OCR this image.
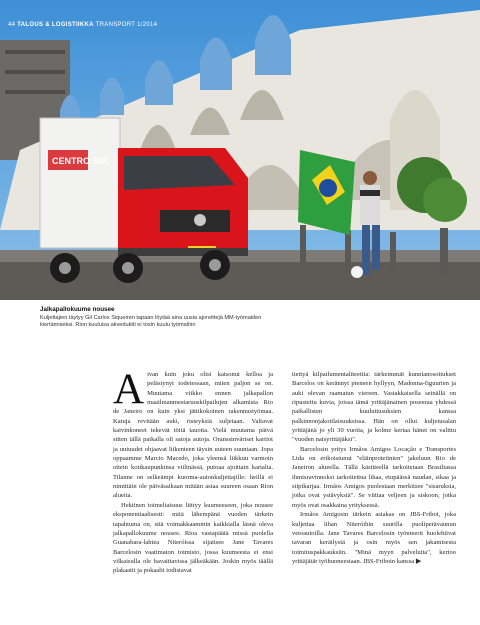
CENTRO SUL
44 TALOUS & LOGISTIIKKA TRANSPORT 1/2014
Jalkapallokuume nousee
Kuljettajien täytyy Gil Carlos Siqueiren tapaan löytää aina uusia ajoreittejä MM-työmaiden kiertämiseksi. Rion kuuluisa akveduktti ei tosin kuulu työmaihin
A ivan kuin joku olisi katsonut kelloa ja pelästynyt todetessaan, miten paljon se on. Muutama viikko ennen jalkapallon maailmanmestaruuskilpailujen alkamista Rio de Janeiro on kuin yksi jättikokoinen rakennustyömaa. Katuja revitään auki, risteyksiä suljetaan. Valtavat kaivinkoneet tekevät töitä tauotta. Vielä muutama päivä sitten tällä paikalla oli satoja autoja. Oranssinväriset kartiot ja uutuudet ohjaavat liikenteen täysin uuteen suuntaan. Jopa oppaamme Marcio Macedo, joka yleensä liikkuu varmoin ottein kotikaupunkinsa viilinässä, putoaa ajoittain kartalta. Tilanne on selkeämpi kuorma-autonkuljettajille: heillä ei nimittäin ole päiväsaikaan mitään asiaa suureen osaan Rion alueita.

Hektinen toimeliaisuus liittyy kuumeeseen, joka nousee eksponentiaalisesti: mitä lähempänä vuoden tärkein tapahtuma on, sitä voimakkaammin kaikkialla läsnä oleva jalkapallokuume nousee. Rioa vastapäätä missä puolella Guanabara-lahtea Niteróissa sijaitsee Jane Tavares Barcelosin vaatimaton toimisto, jossa kuumeesta ei ensi vilkaisulla ole havaittavissa jälkeäkään. Joskin myös täällä plakaatit ja pokaalit todistavat

tiettyä kilpailumentaliteettia: tärkeimmät kunnianosoitukset Barcelos on kerännyt pieneen hyllyyn, Madonna-figuurien ja auki olevan raamatun viereen. Vastakkaisella seinällä on ripustettu kuvia, joissa tämä yrittäjänainen poseeraa yhdessä paikallisten kuuluttusuksien kanssa palkinnonjakotilaisuuksissa. Hän on ollut kuljetusalan yrittäjänä jo yli 30 vuotta, ja kolme kertaa hänet on valittu "vuoden naisyrittäjäksi".

Barcelosin yritys Irmãos Amigos Locação e Transportes Ltda on erikoistunut "eläinproteiinien" jakeluun Rio de Janeiron alueella. Tällä käsitteellä tarkoitetaan Brasiliassa ihmisravinnoksi tarkoitettua lihaa, etupäässä naudan, sikaa ja siipikarjaa. Irmãos Amigos puolestaan merkitsee "sisaruksia, jotka ovat ystävyksiä". Se viittaa veljeen ja siskoon, jotka myös ovat osakkaina yrityksessä.

Irmãos Amigosin tärkein asiakas on JBS-Friboi, joka kuljettaa lihan Niteróihin suurilla puoliperävaunun vetoautoilla. Jane Tavares Barcelosin työnteerit huolehtivat tavaran keräilystä ja osin myös sen jakamisesta toimituspakkauksiin. "Minä myyn palveluita", kertoo yrittäjätär työhuoneestaan. JBS-Friboin kanssa ▶
